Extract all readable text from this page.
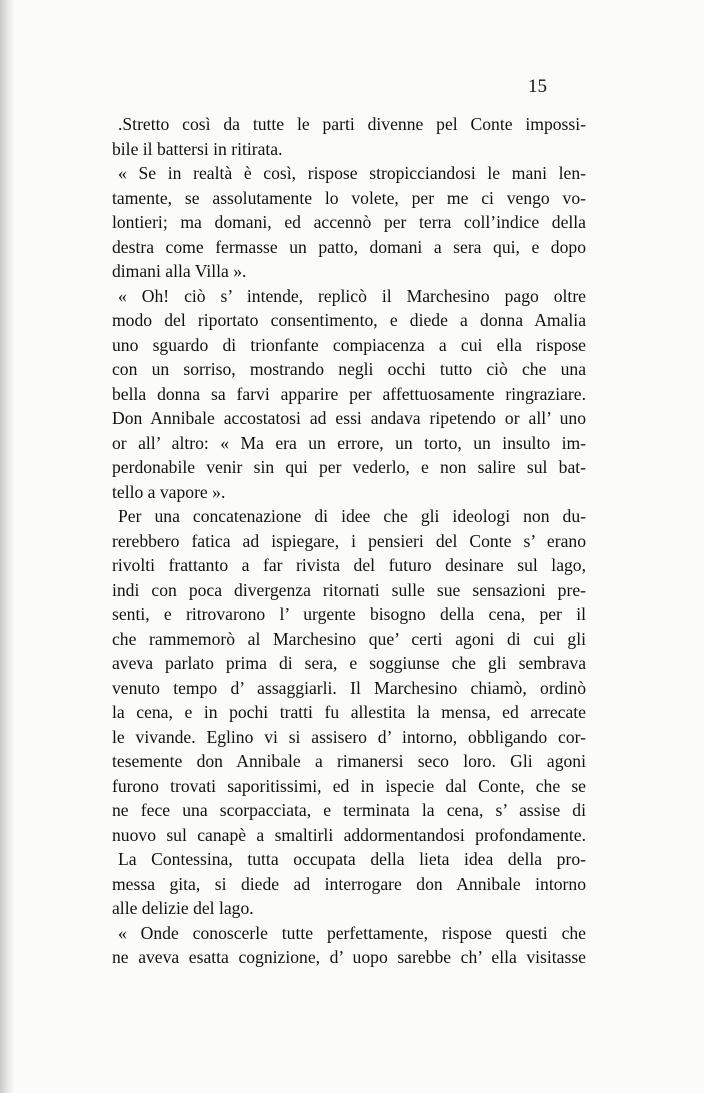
15
.Stretto così da tutte le parti divenne pel Conte impossi-
bile il battersi in ritirata.
« Se in realtà è così, rispose stropicciandosi le mani len-
tamente, se assolutamente lo volete, per me ci vengo vo-
lontieri; ma domani, ed accennò per terra coll’indice della
destra come fermasse un patto, domani a sera qui, e dopo
dimani alla Villa ».
« Oh! ciò s’ intende, replicò il Marchesino pago oltre
modo del riportato consentimento, e diede a donna Amalia
uno sguardo di trionfante compiacenza a cui ella rispose
con un sorriso, mostrando negli occhi tutto ciò che una
bella donna sa farvi apparire per affettuosamente ringraziare.
Don Annibale accostatosi ad essi andava ripetendo or all’ uno
or all’ altro: « Ma era un errore, un torto, un insulto im-
perdonabile venir sin qui per vederlo, e non salire sul bat-
tello a vapore ».
Per una concatenazione di idee che gli ideologi non du-
rerebbero fatica ad ispiegare, i pensieri del Conte s’ erano
rivolti frattanto a far rivista del futuro desinare sul lago,
indi con poca divergenza ritornati sulle sue sensazioni pre-
senti, e ritrovarono l’ urgente bisogno della cena, per il
che rammemorò al Marchesino que’ certi agoni di cui gli
aveva parlato prima di sera, e soggiunse che gli sembrava
venuto tempo d’ assaggiarli. Il Marchesino chiamò, ordinò
la cena, e in pochi tratti fu allestita la mensa, ed arrecate
le vivande. Eglino vi si assisero d’ intorno, obbligando cor-
tesemente don Annibale a rimanersi seco loro. Gli agoni
furono trovati saporitissimi, ed in ispecie dal Conte, che se
ne fece una scorpacciata, e terminata la cena, s’ assise di
nuovo sul canapè a smaltirli addormentandosi profondamente.
La Contessina, tutta occupata della lieta idea della pro-
messa gita, si diede ad interrogare don Annibale intorno
alle delizie del lago.
« Onde conoscerle tutte perfettamente, rispose questi che
ne aveva esatta cognizione, d’ uopo sarebbe ch’ ella visitasse
